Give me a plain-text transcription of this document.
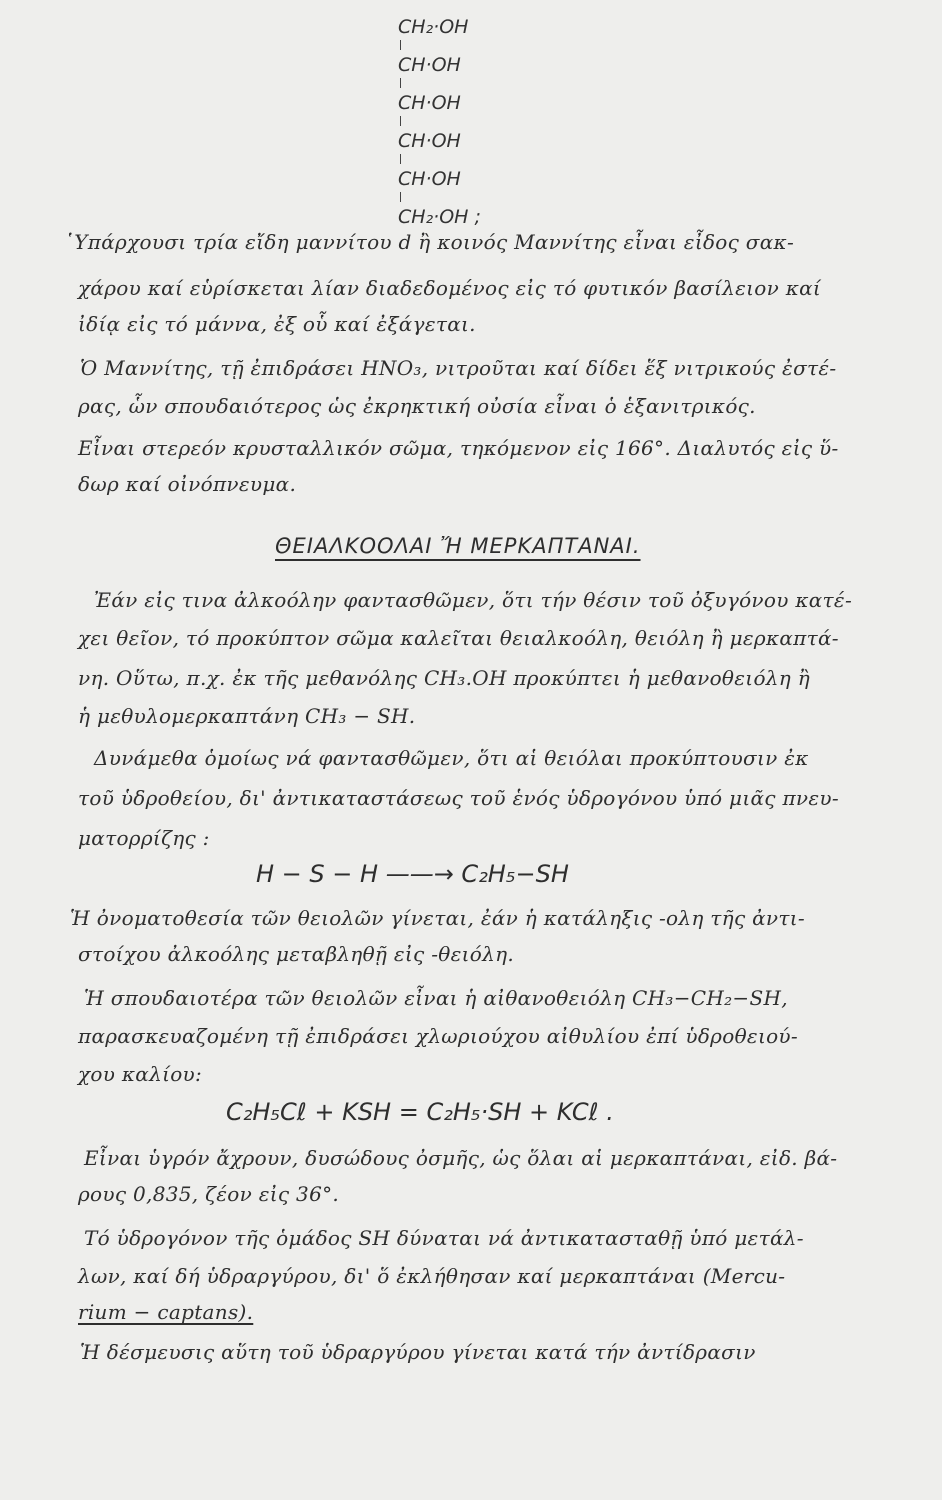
CH₂·OH
CH·OH
CH·OH
CH·OH
CH·OH
CH₂·OH ;
῾Υπάρχουσι τρία εἴδη μαννίτου d ἢ κοινός Μαννίτης εἶναι εἶδος σακ-
χάρου καί εὑρίσκεται λίαν διαδεδομένος εἰς τό φυτικόν βασίλειον καί
ἰδίᾳ εἰς τό μάννα, ἐξ οὗ καί ἐξάγεται.
Ὁ Μαννίτης, τῇ ἐπιδράσει HNO₃, νιτροῦται καί δίδει ἕξ νιτρικούς ἐστέ-
ρας, ὧν σπουδαιότερος ὡς ἐκρηκτική οὐσία εἶναι ὁ ἑξανιτρικός.
Εἶναι στερεόν κρυσταλλικόν σῶμα, τηκόμενον εἰς 166°. Διαλυτός εἰς ὕ-
δωρ καί οἰνόπνευμα.
ΘΕΙΑΛΚΟΟΛΑΙ Ἤ ΜΕΡΚΑΠΤΑΝΑΙ.
Ἐάν εἰς τινα ἀλκοόλην φαντασθῶμεν, ὅτι τήν θέσιν τοῦ ὀξυγόνου κατέ-
χει θεῖον, τό προκύπτον σῶμα καλεῖται θειαλκοόλη, θειόλη ἢ μερκαπτά-
νη. Οὕτω, π.χ. ἐκ τῆς μεθανόλης CH₃.OH προκύπτει ἡ μεθανοθειόλη ἢ
ἡ μεθυλομερκαπτάνη CH₃ − SH.
Δυνάμεθα ὁμοίως νά φαντασθῶμεν, ὅτι αἱ θειόλαι προκύπτουσιν ἐκ
τοῦ ὑδροθείου, δι' ἀντικαταστάσεως τοῦ ἑνός ὑδρογόνου ὑπό μιᾶς πνευ-
ματορρίζης :
H − S − H ——→ C₂H₅−SH
Ἡ ὀνοματοθεσία τῶν θειολῶν γίνεται, ἐάν ἡ κατάληξις -ολη τῆς ἀντι-
στοίχου ἀλκοόλης μεταβληθῇ εἰς -θειόλη.
Ἡ σπουδαιοτέρα τῶν θειολῶν εἶναι ἡ αἰθανοθειόλη CH₃−CH₂−SH,
παρασκευαζομένη τῇ ἐπιδράσει χλωριούχου αἰθυλίου ἐπί ὑδροθειού-
χου καλίου:
C₂H₅Cℓ + KSH = C₂H₅·SH + KCℓ .
Εἶναι ὑγρόν ἄχρουν, δυσώδους ὀσμῆς, ὡς ὅλαι αἱ μερκαπτάναι, εἰδ. βά-
ρους 0,835, ζέον εἰς 36°.
Τό ὑδρογόνον τῆς ὁμάδος SH δύναται νά ἀντικατασταθῇ ὑπό μετάλ-
λων, καί δή ὑδραργύρου, δι' ὅ ἐκλήθησαν καί μερκαπτάναι (Mercu-
rium − captans).
Ἡ δέσμευσις αὕτη τοῦ ὑδραργύρου γίνεται κατά τήν ἀντίδρασιν
